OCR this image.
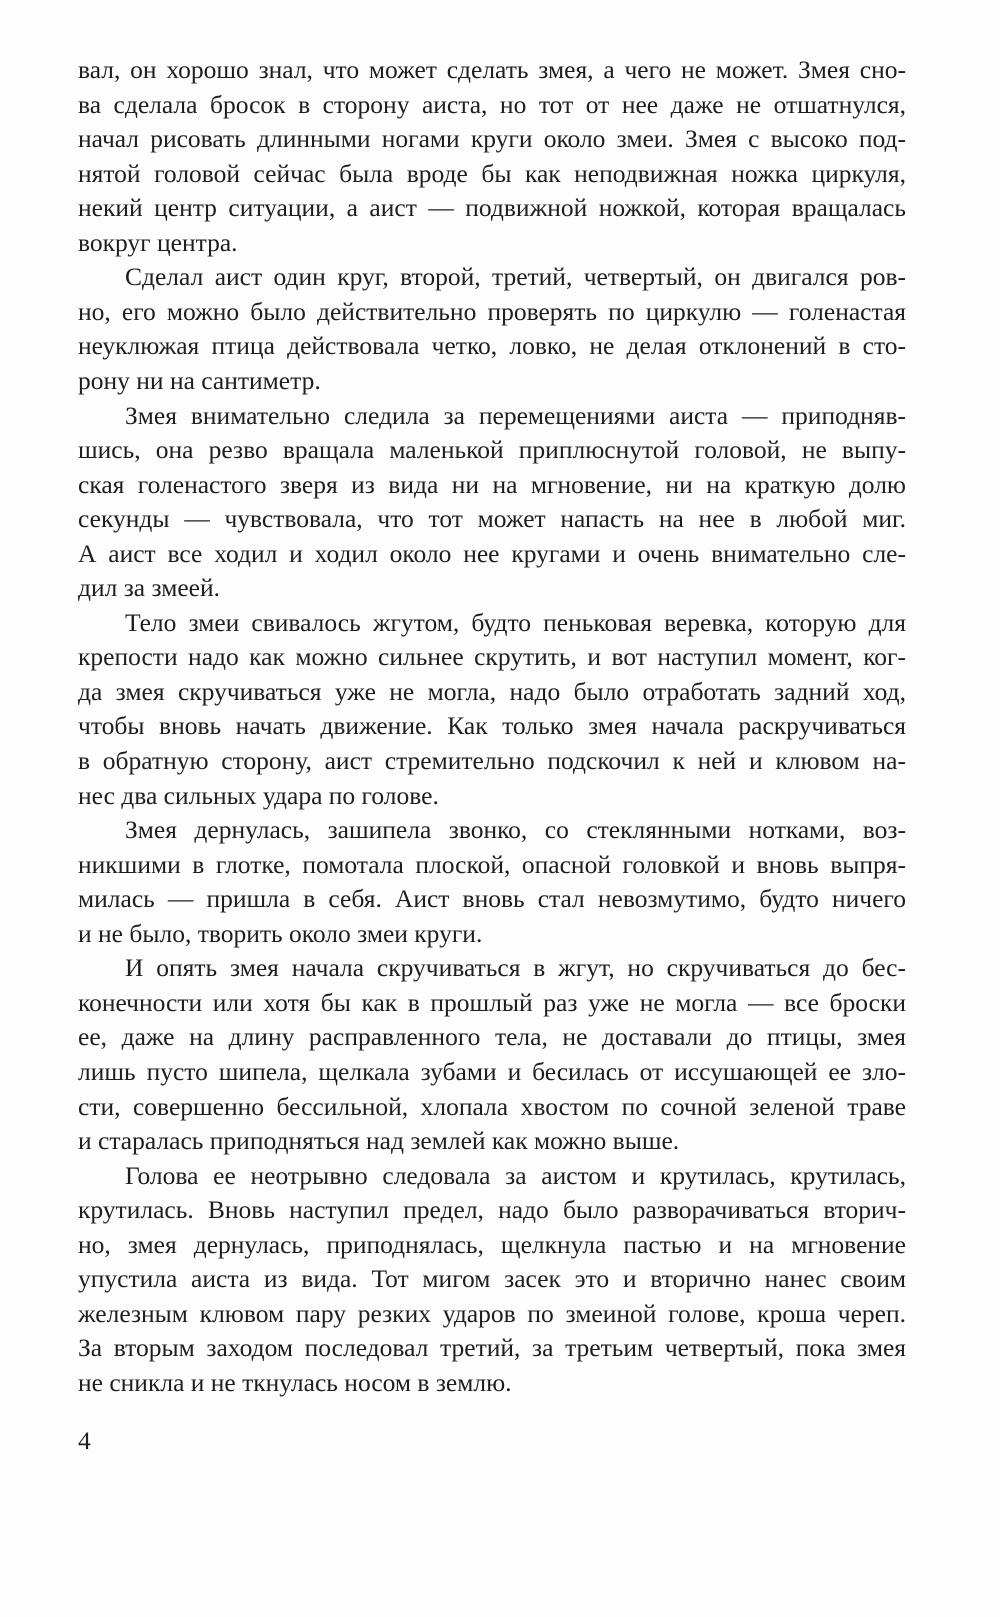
4
вал, он хорошо знал, что может сделать змея, а чего не может. Змея сно-
ва сделала бросок в сторону аиста, но тот от нее даже не отшатнулся,
начал рисовать длинными ногами круги около змеи. Змея с высоко под-
нятой головой сейчас была вроде бы как неподвижная ножка циркуля,
некий центр ситуации, а аист — подвижной ножкой, которая вращалась
вокруг центра.
Сделал аист один круг, второй, третий, четвертый, он двигался ров-
но, его можно было действительно проверять по циркулю — голенастая
неуклюжая птица действовала четко, ловко, не делая отклонений в сто-
рону ни на сантиметр.
Змея внимательно следила за перемещениями аиста — приподняв-
шись, она резво вращала маленькой приплюснутой головой, не выпу-
ская голенастого зверя из вида ни на мгновение, ни на краткую долю
секунды — чувствовала, что тот может напасть на нее в любой миг.
А аист все ходил и ходил около нее кругами и очень внимательно сле-
дил за змеей.
Тело змеи свивалось жгутом, будто пеньковая веревка, которую для
крепости надо как можно сильнее скрутить, и вот наступил момент, ког-
да змея скручиваться уже не могла, надо было отработать задний ход,
чтобы вновь начать движение. Как только змея начала раскручиваться
в обратную сторону, аист стремительно подскочил к ней и клювом на-
нес два сильных удара по голове.
Змея дернулась, зашипела звонко, со стеклянными нотками, воз-
никшими в глотке, помотала плоской, опасной головкой и вновь выпря-
милась — пришла в себя. Аист вновь стал невозмутимо, будто ничего
и не было, творить около змеи круги.
И опять змея начала скручиваться в жгут, но скручиваться до бес-
конечности или хотя бы как в прошлый раз уже не могла — все броски
ее, даже на длину расправленного тела, не доставали до птицы, змея
лишь пусто шипела, щелкала зубами и бесилась от иссушающей ее зло-
сти, совершенно бессильной, хлопала хвостом по сочной зеленой траве
и старалась приподняться над землей как можно выше.
Голова ее неотрывно следовала за аистом и крутилась, крутилась,
крутилась. Вновь наступил предел, надо было разворачиваться вторич-
но, змея дернулась, приподнялась, щелкнула пастью и на мгновение
упустила аиста из вида. Тот мигом засек это и вторично нанес своим
железным клювом пару резких ударов по змеиной голове, кроша череп.
За вторым заходом последовал третий, за третьим четвертый, пока змея
не сникла и не ткнулась носом в землю.
